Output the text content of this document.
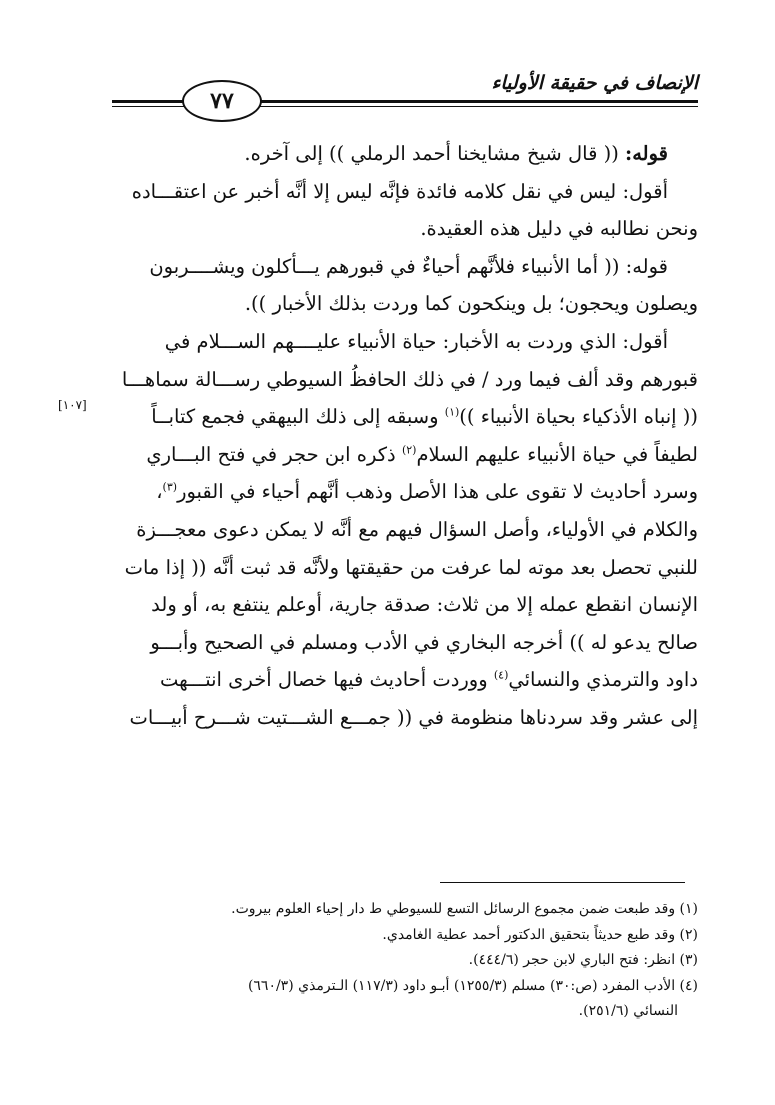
الإنصاف في حقيقة الأولياء
٧٧
[١٠٧]
قوله: (( قال شيخ مشايخنا أحمد الرملي )) إلى آخره.
أقول: ليس في نقل كلامه فائدة فإنَّه ليس إلا أنَّه أخبر عن اعتقـــاده
ونحن نطالبه في دليل هذه العقيدة.
قوله: (( أما الأنبياء فلأنَّهم أحياءٌ في قبورهم يـــأكلون ويشــــربون
ويصلون ويحجون؛ بل وينكحون كما وردت بذلك الأخبار )).
أقول: الذي وردت به الأخبار: حياة الأنبياء عليــــهم الســـلام في
قبورهم وقد ألف فيما ورد / في ذلك الحافظُ السيوطي رســـالة سماهـــا
(( إنباه الأذكياء بحياة الأنبياء ))$^{(١)}$ وسبقه إلى ذلك البيهقي فجمع كتابــاً
لطيفاً في حياة الأنبياء عليهم السلام$^{(٢)}$ ذكره ابن حجر في فتح البـــاري
وسرد أحاديث لا تقوى على هذا الأصل وذهب أنَّهم أحياء في القبور$^{(٣)}$،
والكلام في الأولياء، وأصل السؤال فيهم مع أنَّه لا يمكن دعوى معجـــزة
للنبي تحصل بعد موته لما عرفت من حقيقتها ولأنَّه قد ثبت أنَّه (( إذا مات
الإنسان انقطع عمله إلا من ثلاث: صدقة جارية، أوعلم ينتفع به، أو ولد
صالح يدعو له )) أخرجه البخاري في الأدب ومسلم في الصحيح وأبـــو
داود والترمذي والنسائي$^{(٤)}$ ووردت أحاديث فيها خصال أخرى انتـــهت
إلى عشر وقد سردناها منظومة في (( جمـــع الشـــتيت شـــرح أبيـــات
(١) وقد طبعت ضمن مجموع الرسائل التسع للسيوطي ط دار إحياء العلوم بيروت.
(٢) وقد طبع حديثاً بتحقيق الدكتور أحمد عطية الغامدي.
(٣) انظر: فتح الباري لابن حجر (٤٤٤/٦).
(٤) الأدب المفرد (ص:٣٠) مسلم (١٢٥٥/٣) أبـو داود (١١٧/٣) الـترمذي (٦٦٠/٣)
النسائي (٢٥١/٦).
